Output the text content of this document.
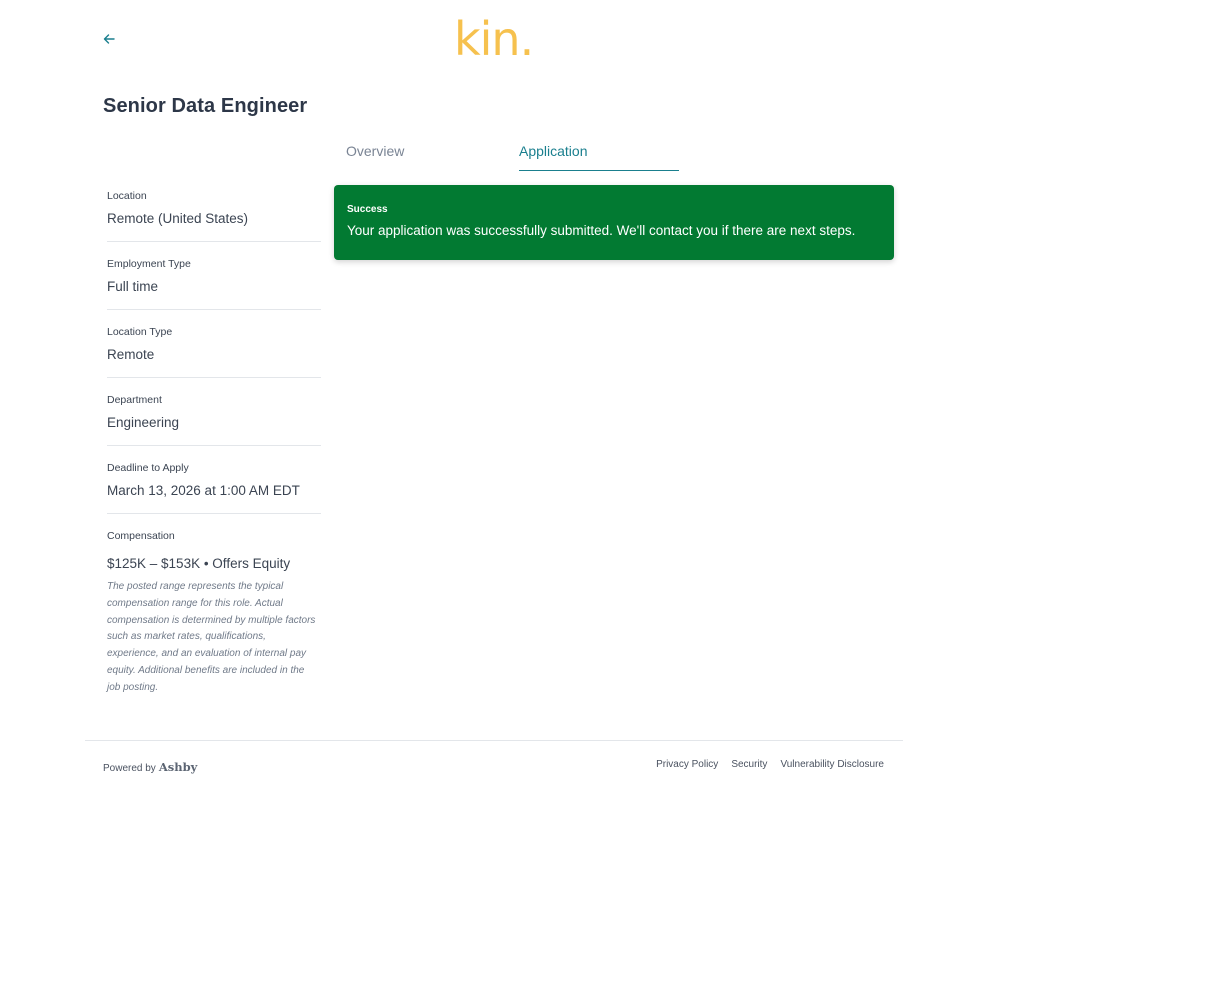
kin.
Senior Data Engineer
Overview	Application
Location
Remote (United States)
Employment Type
Full time
Location Type
Remote
Department
Engineering
Deadline to Apply
March 13, 2026 at 1:00 AM EDT
Compensation
$125K – $153K • Offers Equity

The posted range represents the typical compensation range for this role. Actual compensation is determined by multiple factors such as market rates, qualifications, experience, and an evaluation of internal pay equity. Additional benefits are included in the job posting.

Success
Your application was successfully submitted. We'll contact you if there are next steps.
Powered by Ashby	Privacy Policy Security Vulnerability Disclosure
